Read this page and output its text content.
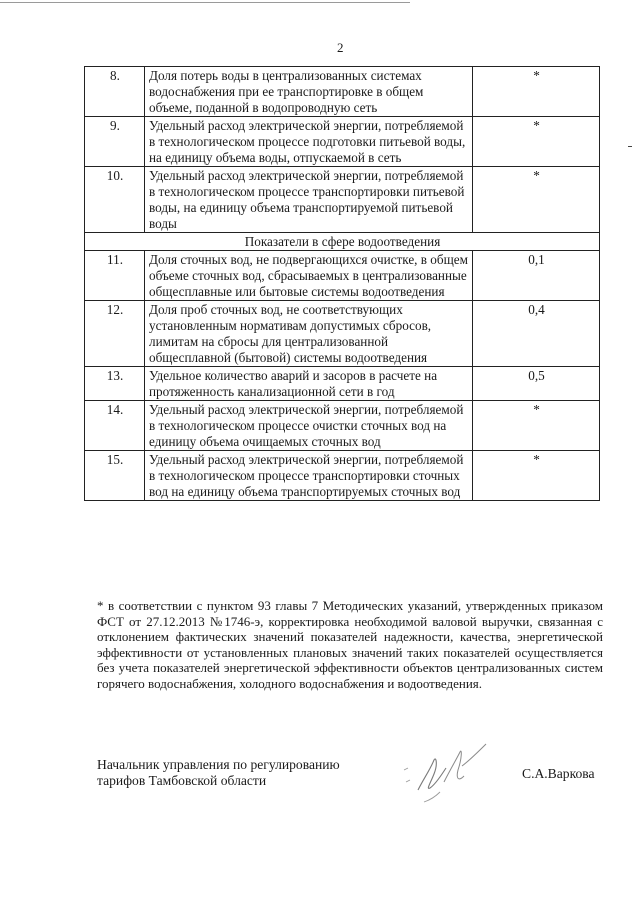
2
8.	Доля потерь воды в централизованных системах водоснабжения при ее транспортировке в общем объеме, поданной в водопроводную сеть	*
9.	Удельный расход электрической энергии, потребляемой в технологическом процессе подготовки питьевой воды, на единицу объема воды, отпускаемой в сеть	*
10.	Удельный расход электрической энергии, потребляемой в технологическом процессе транспортировки питьевой воды, на единицу объема транспортируемой питьевой воды	*
Показатели в сфере водоотведения		
11.	Доля сточных вод, не подвергающихся очистке, в общем объеме сточных вод, сбрасываемых в централизованные общесплавные или бытовые системы водоотведения	0,1
12.	Доля проб сточных вод, не соответствующих установленным нормативам допустимых сбросов, лимитам на сбросы для централизованной общесплавной (бытовой) системы водоотведения	0,4
13.	Удельное количество аварий и засоров в расчете на протяженность канализационной сети в год	0,5
14.	Удельный расход электрической энергии, потребляемой в технологическом процессе очистки сточных вод на единицу объема очищаемых сточных вод	*
15.	Удельный расход электрической энергии, потребляемой в технологическом процессе транспортировки сточных вод на единицу объема транспортируемых сточных вод	*
* в соответствии с пунктом 93 главы 7 Методических указаний, утвержденных приказом ФСТ от 27.12.2013 №1746-э, корректировка необходимой валовой выручки, связанная с отклонением фактических значений показателей надежности, качества, энергетической эффективности от установленных плановых значений таких показателей осуществляется без учета показателей энергетической эффективности объектов централизованных систем горячего водоснабжения, холодного водоснабжения и водоотведения.
Начальник управления по регулированию
тарифов Тамбовской области	С.А.Варкова
